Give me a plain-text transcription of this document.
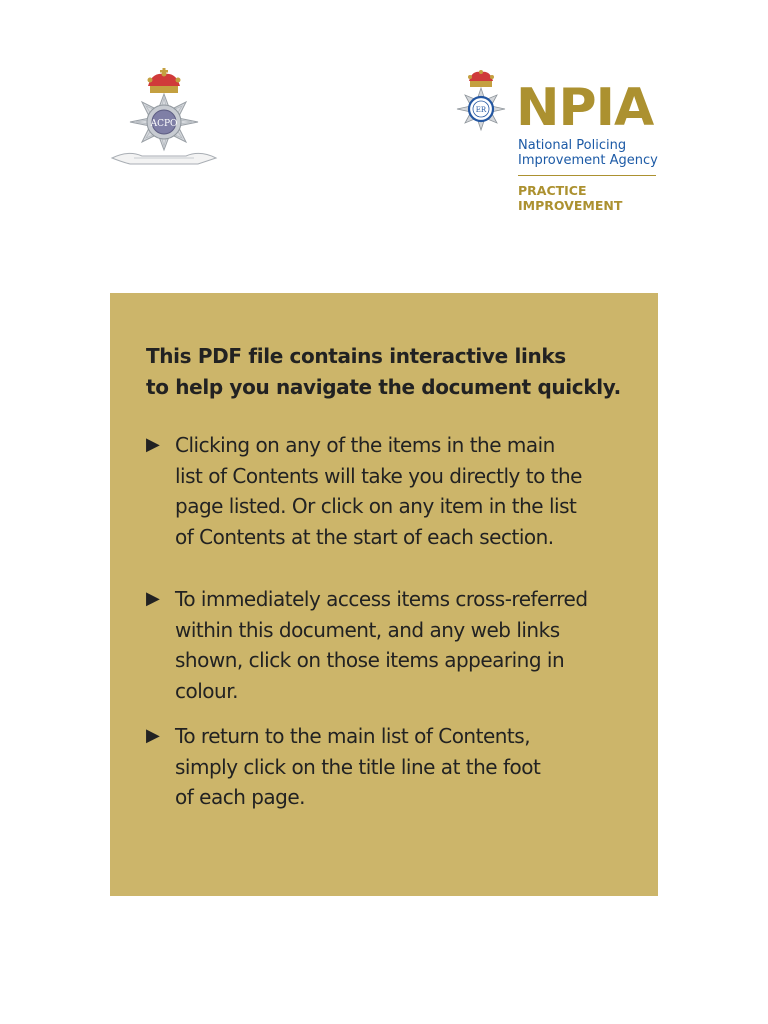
ACPO
ER NPIA
National Policing
Improvement Agency
PRACTICE
IMPROVEMENT

This PDF file contains interactive links
to help you navigate the document quickly.

▶ Clicking on any of the items in the main
list of Contents will take you directly to the
page listed. Or click on any item in the list
of Contents at the start of each section.
▶ To immediately access items cross-referred
within this document, and any web links
shown, click on those items appearing in
colour.
▶ To return to the main list of Contents,
simply click on the title line at the foot
of each page.
